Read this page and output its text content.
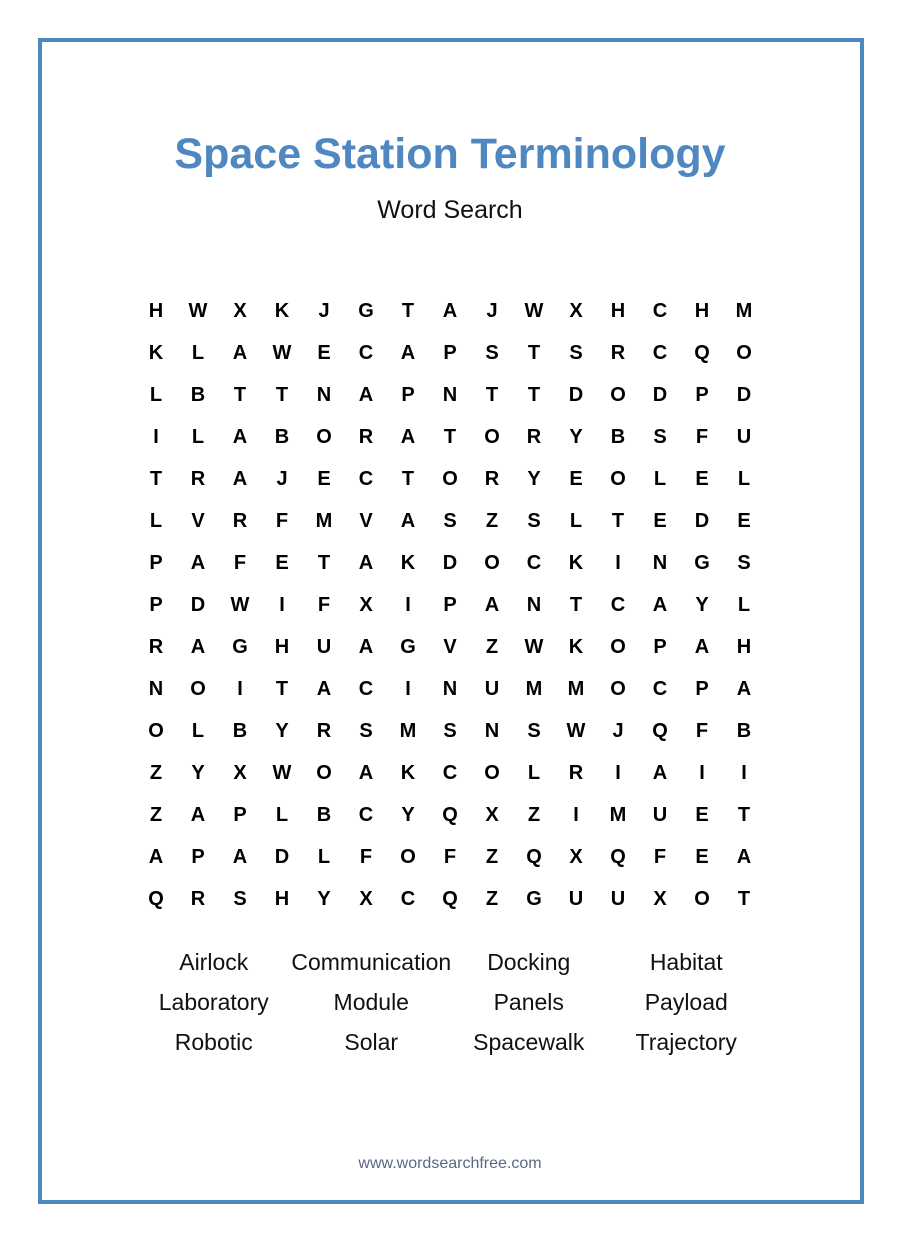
Space Station Terminology
Word Search
H	W	X	K	J	G	T	A	J	W	X	H	C	H	M
K	L	A	W	E	C	A	P	S	T	S	R	C	Q	O
L	B	T	T	N	A	P	N	T	T	D	O	D	P	D
I	L	A	B	O	R	A	T	O	R	Y	B	S	F	U
T	R	A	J	E	C	T	O	R	Y	E	O	L	E	L
L	V	R	F	M	V	A	S	Z	S	L	T	E	D	E
P	A	F	E	T	A	K	D	O	C	K	I	N	G	S
P	D	W	I	F	X	I	P	A	N	T	C	A	Y	L
R	A	G	H	U	A	G	V	Z	W	K	O	P	A	H
N	O	I	T	A	C	I	N	U	M	M	O	C	P	A
O	L	B	Y	R	S	M	S	N	S	W	J	Q	F	B
Z	Y	X	W	O	A	K	C	O	L	R	I	A	I	I
Z	A	P	L	B	C	Y	Q	X	Z	I	M	U	E	T
A	P	A	D	L	F	O	F	Z	Q	X	Q	F	E	A
Q	R	S	H	Y	X	C	Q	Z	G	U	U	X	O	T
Airlock	Communication	Docking	Habitat
Laboratory	Module	Panels	Payload
Robotic	Solar	Spacewalk	Trajectory
www.wordsearchfree.com
